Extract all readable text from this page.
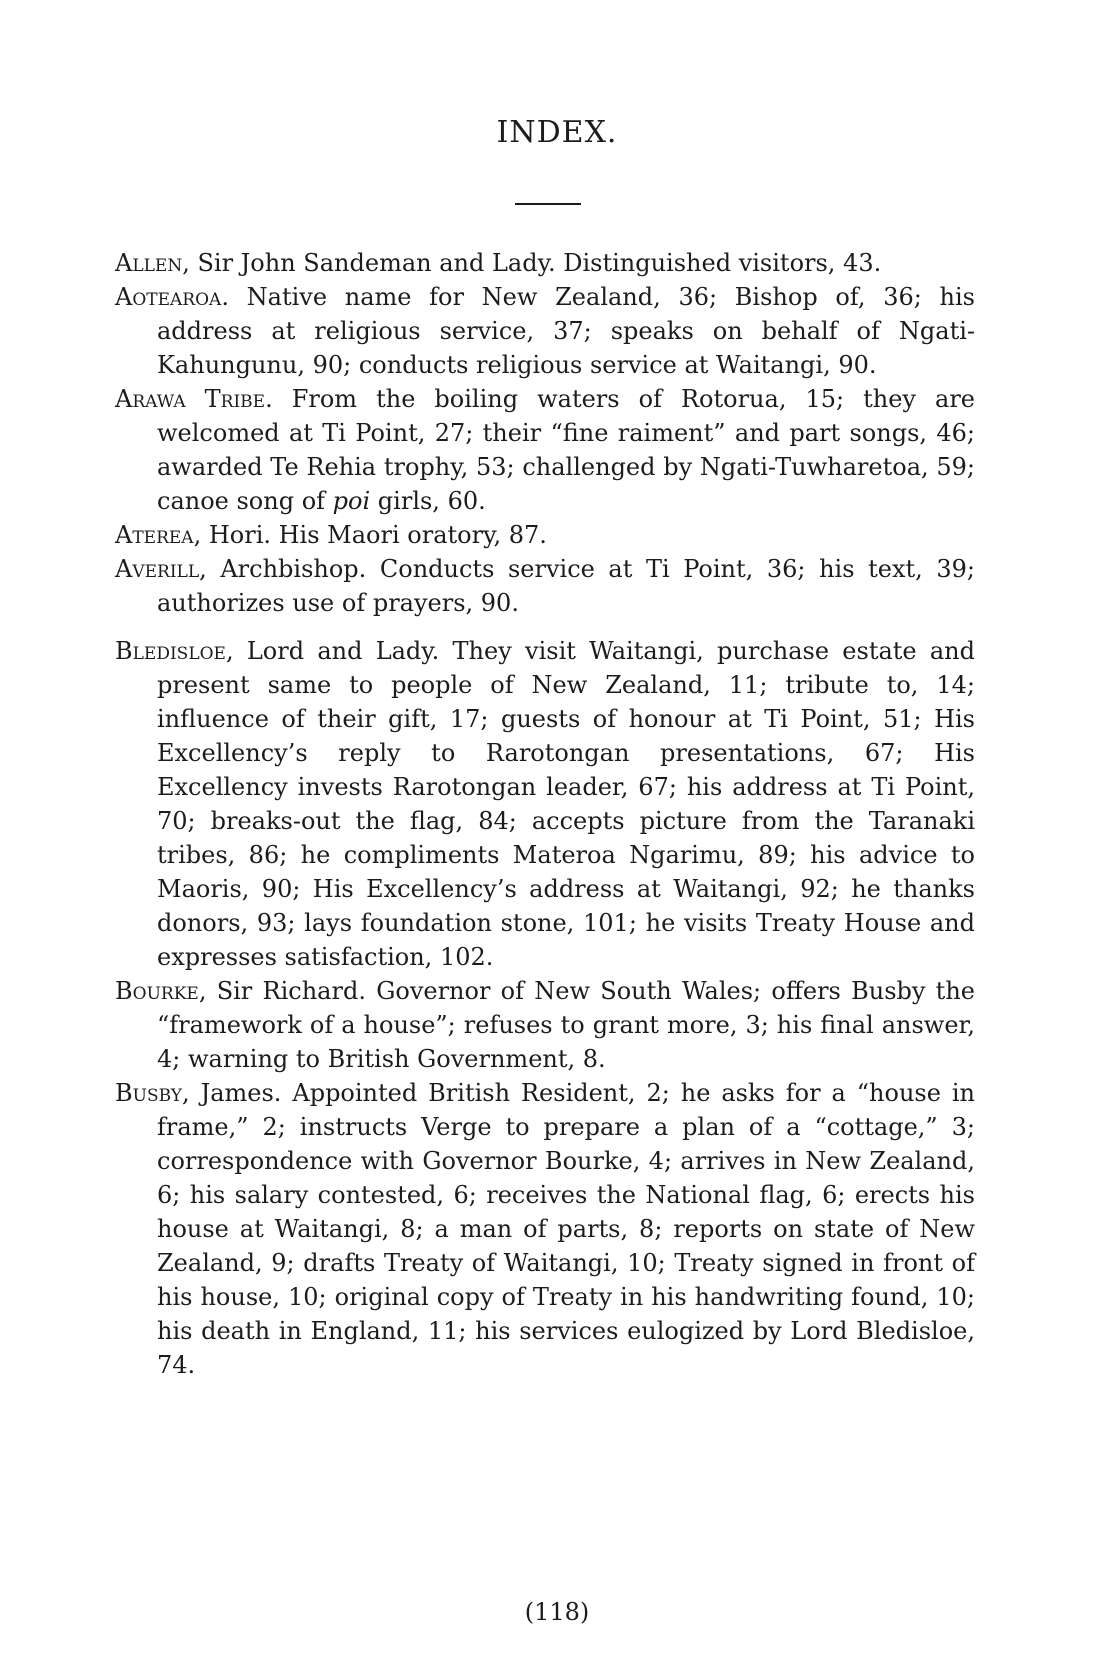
INDEX.

Allen, Sir John Sandeman and Lady. Distinguished visitors, 43.

Aotearoa. Native name for New Zealand, 36; Bishop of, 36; his address at religious service, 37; speaks on behalf of Ngati-Kahungunu, 90; conducts religious service at Waitangi, 90.

Arawa Tribe. From the boiling waters of Rotorua, 15; they are welcomed at Ti Point, 27; their “fine raiment” and part songs, 46; awarded Te Rehia trophy, 53; challenged by Ngati-Tuwharetoa, 59; canoe song of poi girls, 60.

Aterea, Hori. His Maori oratory, 87.

Averill, Archbishop. Conducts service at Ti Point, 36; his text, 39; authorizes use of prayers, 90.

Bledisloe, Lord and Lady. They visit Waitangi, purchase estate and present same to people of New Zealand, 11; tribute to, 14; influence of their gift, 17; guests of honour at Ti Point, 51; His Excellency’s reply to Rarotongan presentations, 67; His Excellency invests Rarotongan leader, 67; his address at Ti Point, 70; breaks-out the flag, 84; accepts picture from the Taranaki tribes, 86; he compliments Materoa Ngarimu, 89; his advice to Maoris, 90; His Excellency’s address at Waitangi, 92; he thanks donors, 93; lays foundation stone, 101; he visits Treaty House and expresses satisfaction, 102.

Bourke, Sir Richard. Governor of New South Wales; offers Busby the “framework of a house”; refuses to grant more, 3; his final answer, 4; warning to British Government, 8.

Busby, James. Appointed British Resident, 2; he asks for a “house in frame,” 2; instructs Verge to prepare a plan of a “cottage,” 3; correspondence with Governor Bourke, 4; arrives in New Zealand, 6; his salary contested, 6; receives the National flag, 6; erects his house at Waitangi, 8; a man of parts, 8; reports on state of New Zealand, 9; drafts Treaty of Waitangi, 10; Treaty signed in front of his house, 10; original copy of Treaty in his handwriting found, 10; his death in England, 11; his services eulogized by Lord Bledisloe, 74.

(118)
